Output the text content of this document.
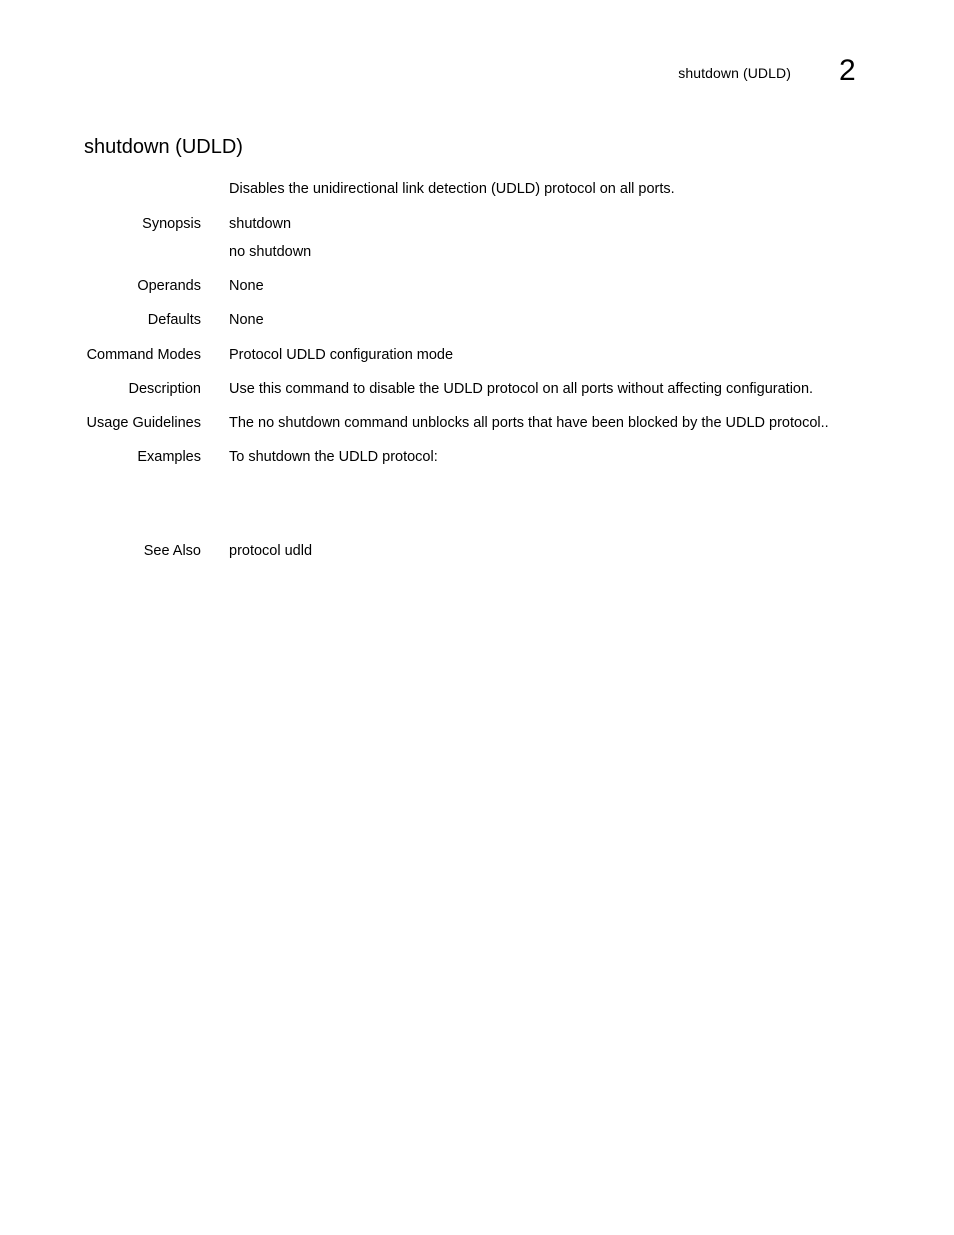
shutdown (UDLD) 2
shutdown (UDLD)
Disables the unidirectional link detection (UDLD) protocol on all ports.
Synopsis shutdown
no shutdown
Operands None
Defaults None
Command Modes Protocol UDLD configuration mode
Description Use this command to disable the UDLD protocol on all ports without affecting configuration.
Usage Guidelines The no shutdown command unblocks all ports that have been blocked by the UDLD protocol..
Examples To shutdown the UDLD protocol:
See Also protocol udld
